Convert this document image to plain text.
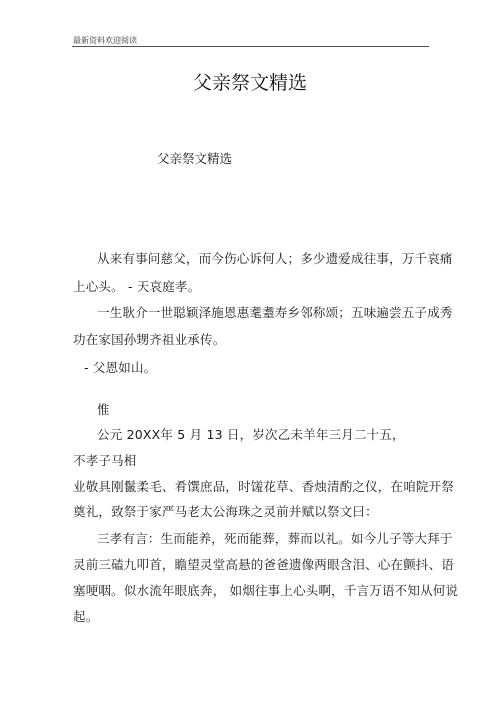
最新资料欢迎阅读
父亲祭文精选
父亲祭文精选
从来有事问慈父，而今伤心诉何人；多少遗爱成往事，万千哀痛
上心头。 - 天哀庭孝。
一生耿介一世聪颖泽施恩惠耄耋寿乡邻称颂；五味遍尝五子成秀
功在家国孙甥齐祖业承传。
- 父恩如山。
惟
公元 20XX年 5 月 13 日，岁次乙未羊年三月二十五，
不孝子马相
业敬具刚鬣柔毛、肴馔庶品，时馐花草、香烛清酌之仪，在咱院开祭
奠礼，致祭于家严马老太公海珠之灵前并赋以祭文曰：
三孝有言：生而能养，死而能葬，葬而以礼。如今儿子等大拜于
灵前三磕九叩首，瞻望灵堂高悬的爸爸遗像两眼含泪、心在颤抖、语
塞哽咽。似水流年眼底奔， 如烟往事上心头啊，千言万语不知从何说
起。
